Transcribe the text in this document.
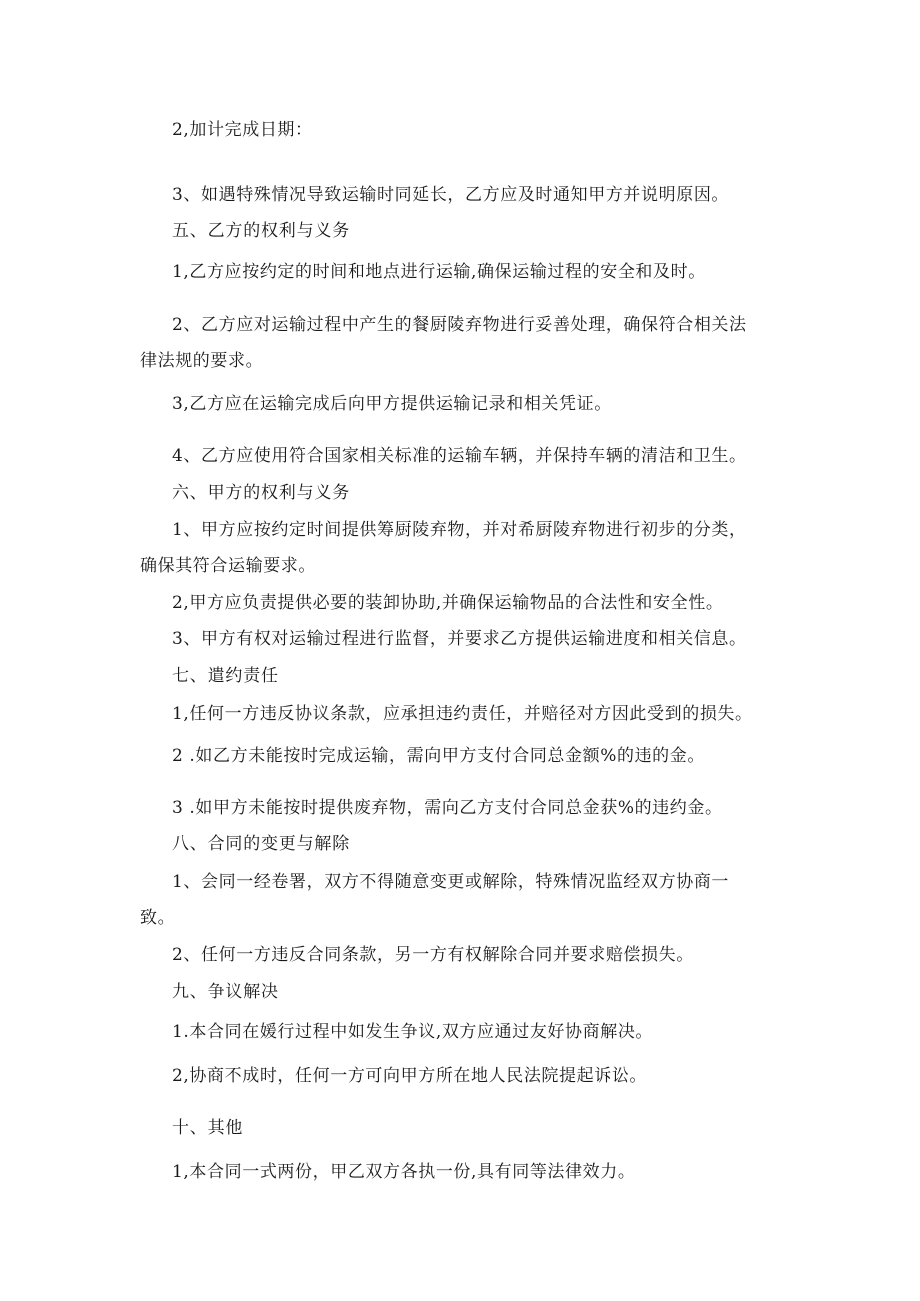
2,加计完成日期：
3、如遇特殊情况导致运输时同延长，乙方应及时通知甲方并说明原因。
五、乙方的权利与义务
1,乙方应按约定的时间和地点进行运输,确保运输过程的安全和及时。
2、乙方应对运输过程中产生的餐厨陵弃物进行妥善处理，确保符合相关法
律法规的要求。
3,乙方应在运输完成后向甲方提供运输记录和相关凭证。
4、乙方应使用符合国家相关标准的运输车辆，并保持车辆的清洁和卫生。
六、甲方的权利与义务
1、甲方应按约定时间提供筹厨陵弃物，并对希厨陵弃物进行初步的分类，
确保其符合运输要求。
2,甲方应负责提供必要的装卸协助,并确保运输物品的合法性和安全性。
3、甲方有权对运输过程进行监督，并要求乙方提供运输进度和相关信息。
七、遣约责任
1,任何一方违反协议条款，应承担违约责任，并赔径对方因此受到的损失。
2 .如乙方未能按时完成运输，需向甲方支付合同总金额%的违的金。
3 .如甲方未能按时提供废弃物，需向乙方支付合同总金获%的违约金。
八、合同的变更与解除
1、会同一经卷署，双方不得随意变更或解除，特殊情况监经双方协商一
致。
2、任何一方违反合同条款，另一方有权解除合同并要求赔偿损失。
九、争议解决
1.本合同在媛行过程中如发生争议,双方应通过友好协商解决。
2,协商不成时，任何一方可向甲方所在地人民法院提起诉讼。
十、其他
1,本合同一式两份，甲乙双方各执一份,具有同等法律效力。
